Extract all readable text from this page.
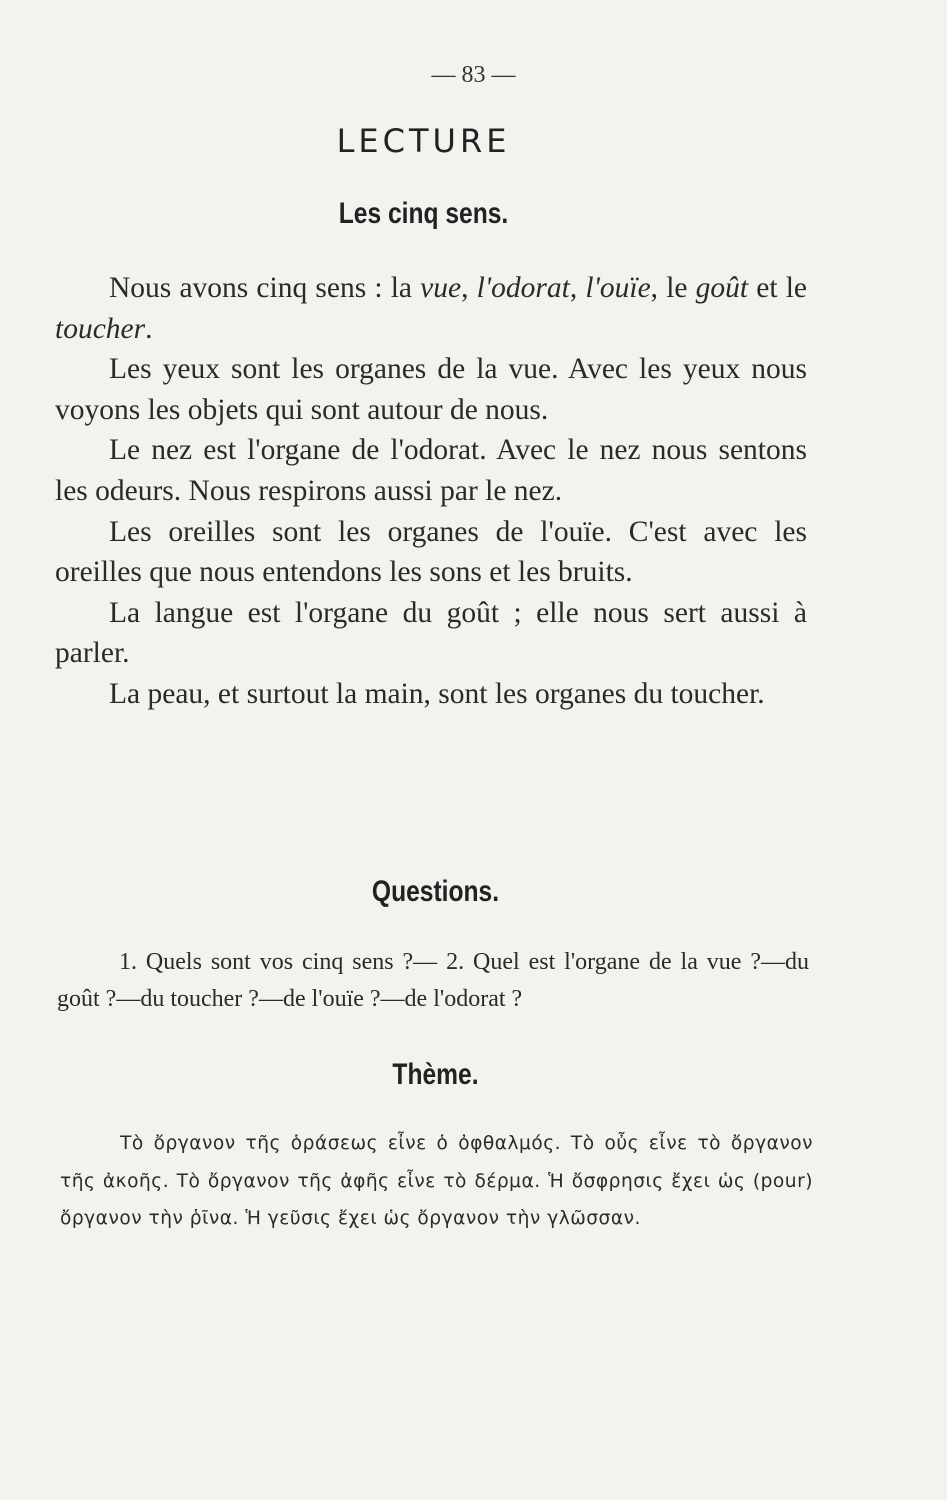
— 83 —
LECTURE
Les cinq sens.

Nous avons cinq sens : la vue, l'odorat, l'ouïe, le goût et le toucher.

Les yeux sont les organes de la vue. Avec les yeux nous voyons les objets qui sont autour de nous.

Le nez est l'organe de l'odorat. Avec le nez nous sentons les odeurs. Nous respirons aussi par le nez.

Les oreilles sont les organes de l'ouïe. C'est avec les oreilles que nous entendons les sons et les bruits.

La langue est l'organe du goût ; elle nous sert aussi à parler.

La peau, et surtout la main, sont les organes du toucher.

Questions.
1. Quels sont vos cinq sens ?— 2. Quel est l'organe de la vue ?—du goût ?—du toucher ?—de l'ouïe ?—de l'odorat ?
Thème.
Τὸ ὄργανον τῆς ὁράσεως εἶνε ὁ ὀφθαλμός. Τὸ οὖς εἶνε τὸ ὄργανον τῆς ἀκοῆς. Τὸ ὄργανον τῆς ἀφῆς εἶνε τὸ δέρμα. Ἡ ὄσφρησις ἔχει ὡς (pour) ὄργανον τὴν ῥῖνα. Ἡ γεῦσις ἔχει ὡς ὄργανον τὴν γλῶσσαν.
